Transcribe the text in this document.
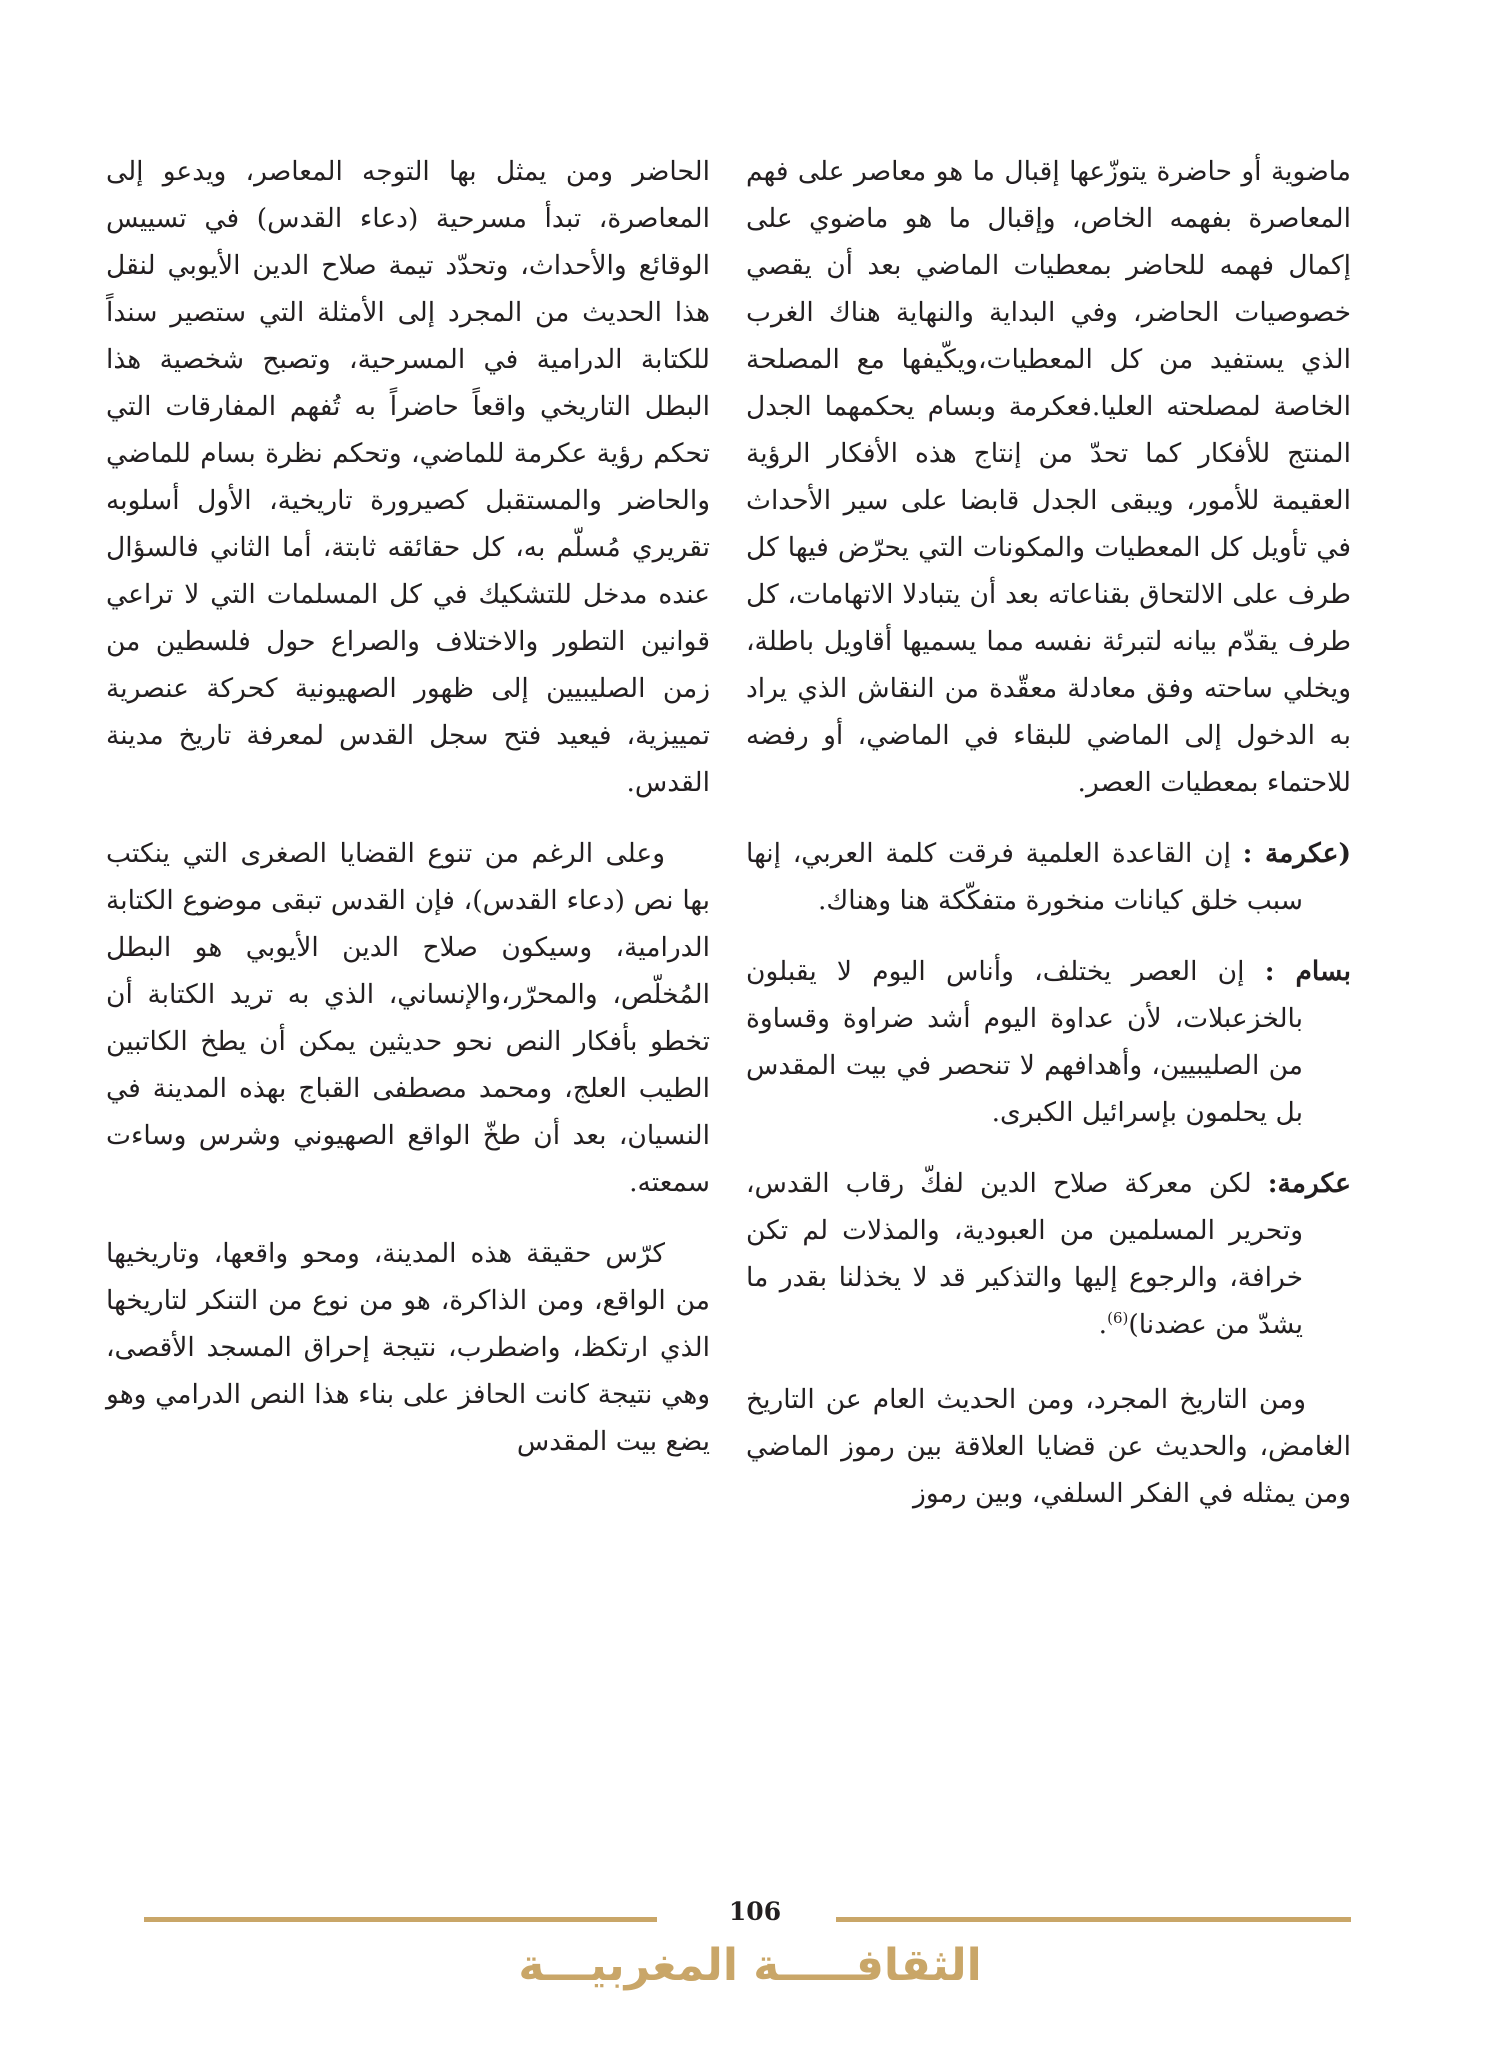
ماضوية أو حاضرة يتوزّعها إقبال ما هو معاصر على فهم المعاصرة بفهمه الخاص، وإقبال ما هو ماضوي على إكمال فهمه للحاضر بمعطيات الماضي بعد أن يقصي خصوصيات الحاضر، وفي البداية والنهاية هناك الغرب الذي يستفيد من كل المعطيات،ويكّيفها مع المصلحة الخاصة لمصلحته العليا.فعكرمة وبسام يحكمهما الجدل المنتج للأفكار كما تحدّ من إنتاج هذه الأفكار الرؤية العقيمة للأمور، ويبقى الجدل قابضا على سير الأحداث في تأويل كل المعطيات والمكونات التي يحرّض فيها كل طرف على الالتحاق بقناعاته بعد أن يتبادلا الاتهامات، كل طرف يقدّم بيانه لتبرئة نفسه مما يسميها أقاويل باطلة، ويخلي ساحته وفق معادلة معقّدة من النقاش الذي يراد به الدخول إلى الماضي للبقاء في الماضي، أو رفضه للاحتماء بمعطيات العصر.

(عكرمة : إن القاعدة العلمية فرقت كلمة العربي، إنها سبب خلق كيانات منخورة متفكّكة هنا وهناك.

بسام : إن العصر يختلف، وأناس اليوم لا يقبلون بالخزعبلات، لأن عداوة اليوم أشد ضراوة وقساوة من الصليبيين، وأهدافهم لا تنحصر في بيت المقدس بل يحلمون بإسرائيل الكبرى.

عكرمة: لكن معركة صلاح الدين لفكّ رقاب القدس، وتحرير المسلمين من العبودية، والمذلات لم تكن خرافة، والرجوع إليها والتذكير قد لا يخذلنا بقدر ما يشدّ من عضدنا)$^{(6)}$.

ومن التاريخ المجرد، ومن الحديث العام عن التاريخ الغامض، والحديث عن قضايا العلاقة بين رموز الماضي ومن يمثله في الفكر السلفي، وبين رموز

الحاضر ومن يمثل بها التوجه المعاصر، ويدعو إلى المعاصرة، تبدأ مسرحية (دعاء القدس) في تسييس الوقائع والأحداث، وتحدّد تيمة صلاح الدين الأيوبي لنقل هذا الحديث من المجرد إلى الأمثلة التي ستصير سنداً للكتابة الدرامية في المسرحية، وتصبح شخصية هذا البطل التاريخي واقعاً حاضراً به تُفهم المفارقات التي تحكم رؤية عكرمة للماضي، وتحكم نظرة بسام للماضي والحاضر والمستقبل كصيرورة تاريخية، الأول أسلوبه تقريري مُسلّم به، كل حقائقه ثابتة، أما الثاني فالسؤال عنده مدخل للتشكيك في كل المسلمات التي لا تراعي قوانين التطور والاختلاف والصراع حول فلسطين من زمن الصليبيين إلى ظهور الصهيونية كحركة عنصرية تمييزية، فيعيد فتح سجل القدس لمعرفة تاريخ مدينة القدس.

وعلى الرغم من تنوع القضايا الصغرى التي ينكتب بها نص (دعاء القدس)، فإن القدس تبقى موضوع الكتابة الدرامية، وسيكون صلاح الدين الأيوبي هو البطل المُخلّص، والمحرّر،والإنساني، الذي به تريد الكتابة أن تخطو بأفكار النص نحو حديثين يمكن أن يطخ الكاتبين الطيب العلج، ومحمد مصطفى القباج بهذه المدينة في النسيان، بعد أن طخّ الواقع الصهيوني وشرس وساءت سمعته.

كرّس حقيقة هذه المدينة، ومحو واقعها، وتاريخيها من الواقع، ومن الذاكرة، هو من نوع من التنكر لتاريخها الذي ارتكظ، واضطرب، نتيجة إحراق المسجد الأقصى، وهي نتيجة كانت الحافز على بناء هذا النص الدرامي وهو يضع بيت المقدس

106
الثقافـــــة المغربيـــة
